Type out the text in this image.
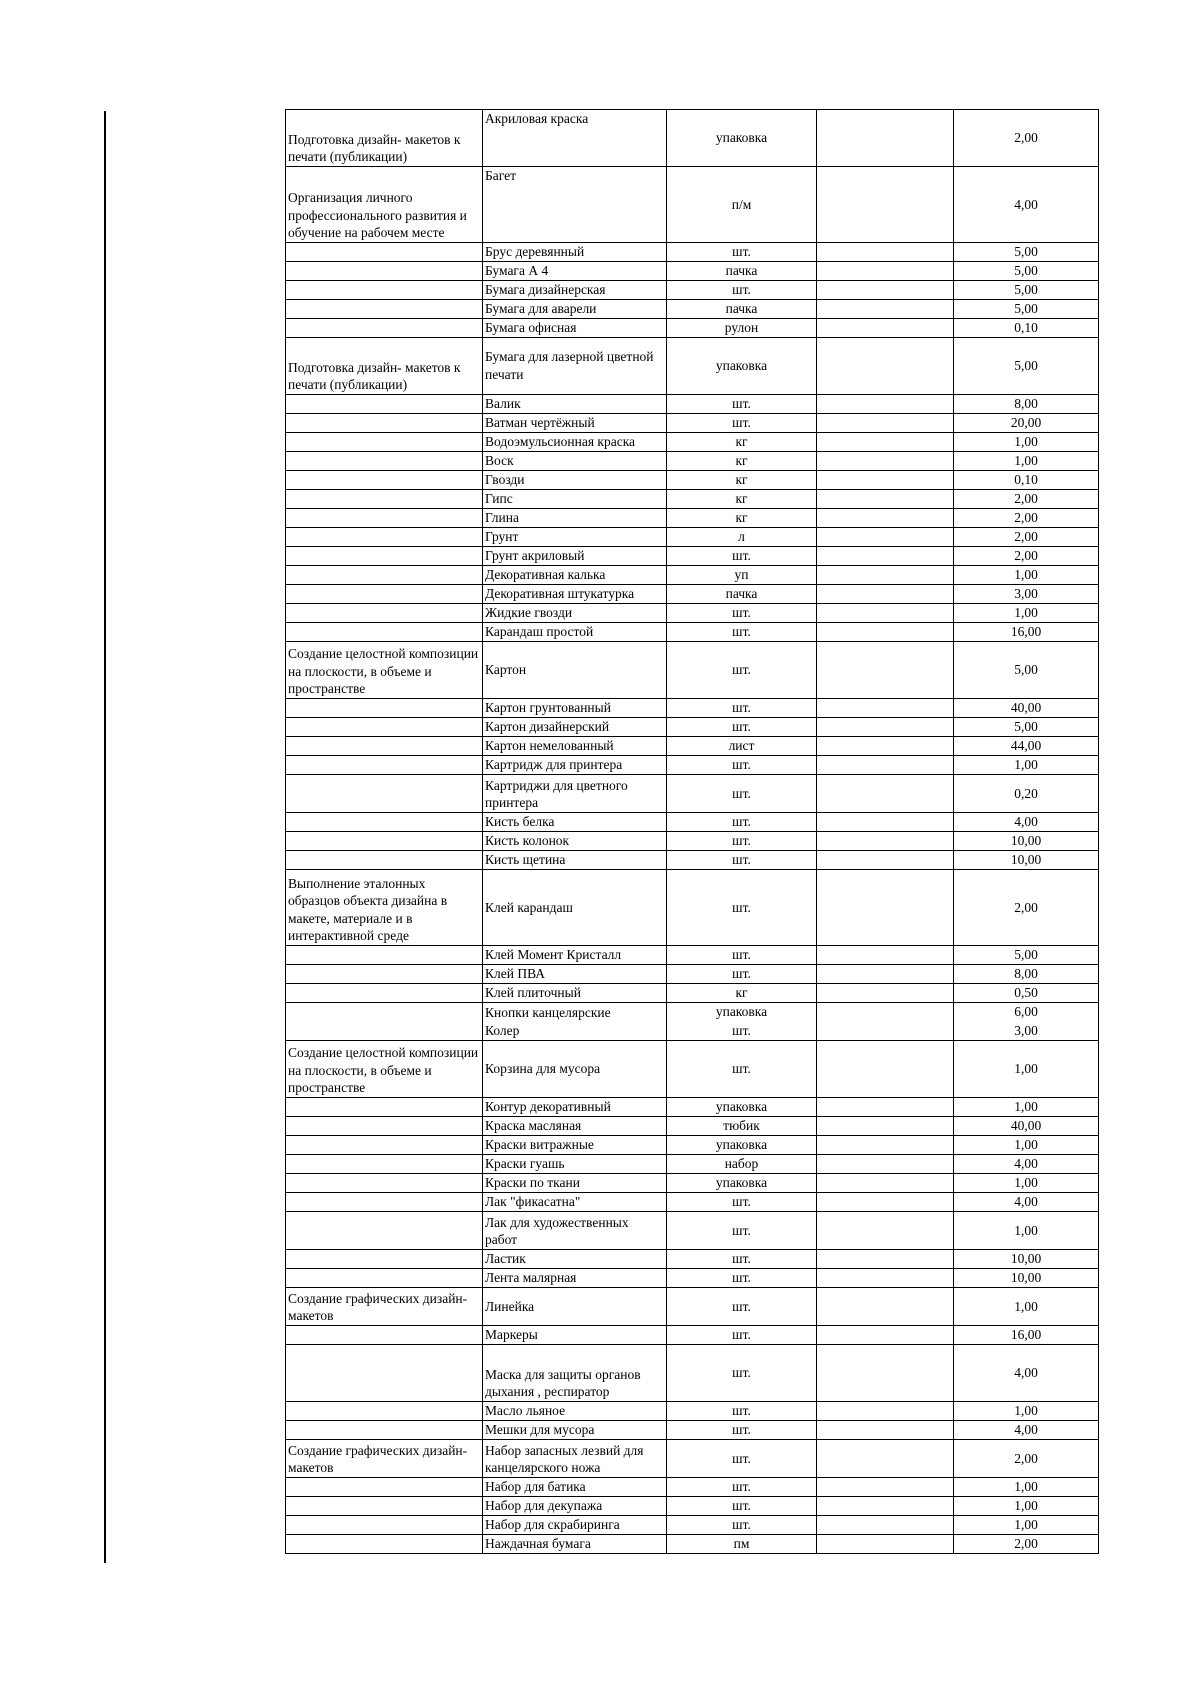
Подготовка дизайн- макетов к печати (публикации)	Акриловая краска	упаковка		2,00
Организация личного профессионального развития и обучение на рабочем месте	Багет	п/м		4,00
	Брус деревянный	шт.		5,00
	Бумага А 4	пачка		5,00
	Бумага дизайнерская	шт.		5,00
	Бумага для аварели	пачка		5,00
	Бумага офисная	рулон		0,10
Подготовка дизайн- макетов к печати (публикации)	Бумага для лазерной цветной печати	упаковка		5,00
	Валик	шт.		8,00
	Ватман чертёжный	шт.		20,00
	Водоэмульсионная краска	кг		1,00
	Воск	кг		1,00
	Гвозди	кг		0,10
	Гипс	кг		2,00
	Глина	кг		2,00
	Грунт	л		2,00
	Грунт акриловый	шт.		2,00
	Декоративная калька	уп		1,00
	Декоративная штукатурка	пачка		3,00
	Жидкие гвозди	шт.		1,00
	Карандаш простой	шт.		16,00
Создание целостной композиции на плоскости, в объеме и пространстве	Картон	шт.		5,00
	Картон грунтованный	шт.		40,00
	Картон дизайнерский	шт.		5,00
	Картон немелованный	лист		44,00
	Картридж для принтера	шт.		1,00
	Картриджи для цветного принтера	шт.		0,20
	Кисть белка	шт.		4,00
	Кисть колонок	шт.		10,00
	Кисть щетина	шт.		10,00
Выполнение эталонных образцов объекта дизайна в макете, материале и в интерактивной среде	Клей карандаш	шт.		2,00
	Клей Момент Кристалл	шт.		5,00
	Клей ПВА	шт.		8,00
	Клей плиточный	кг		0,50
	Кнопки канцелярские	упаковка		6,00
	Колер	шт.		3,00
Создание целостной композиции на плоскости, в объеме и пространстве	Корзина для мусора	шт.		1,00
	Контур декоративный	упаковка		1,00
	Краска масляная	тюбик		40,00
	Краски витражные	упаковка		1,00
	Краски гуашь	набор		4,00
	Краски по ткани	упаковка		1,00
	Лак "фикасатна"	шт.		4,00
	Лак для художественных работ	шт.		1,00
	Ластик	шт.		10,00
	Лента малярная	шт.		10,00
Создание графических дизайн-макетов	Линейка	шт.		1,00
	Маркеры	шт.		16,00
	Маска для защиты органов дыхания , респиратор	шт.		4,00
	Масло льяное	шт.		1,00
	Мешки для мусора	шт.		4,00
Создание графических дизайн-макетов	Набор запасных лезвий для канцелярского ножа	шт.		2,00
	Набор для батика	шт.		1,00
	Набор для декупажа	шт.		1,00
	Набор для скрабиринга	шт.		1,00
	Наждачная бумага	пм		2,00
